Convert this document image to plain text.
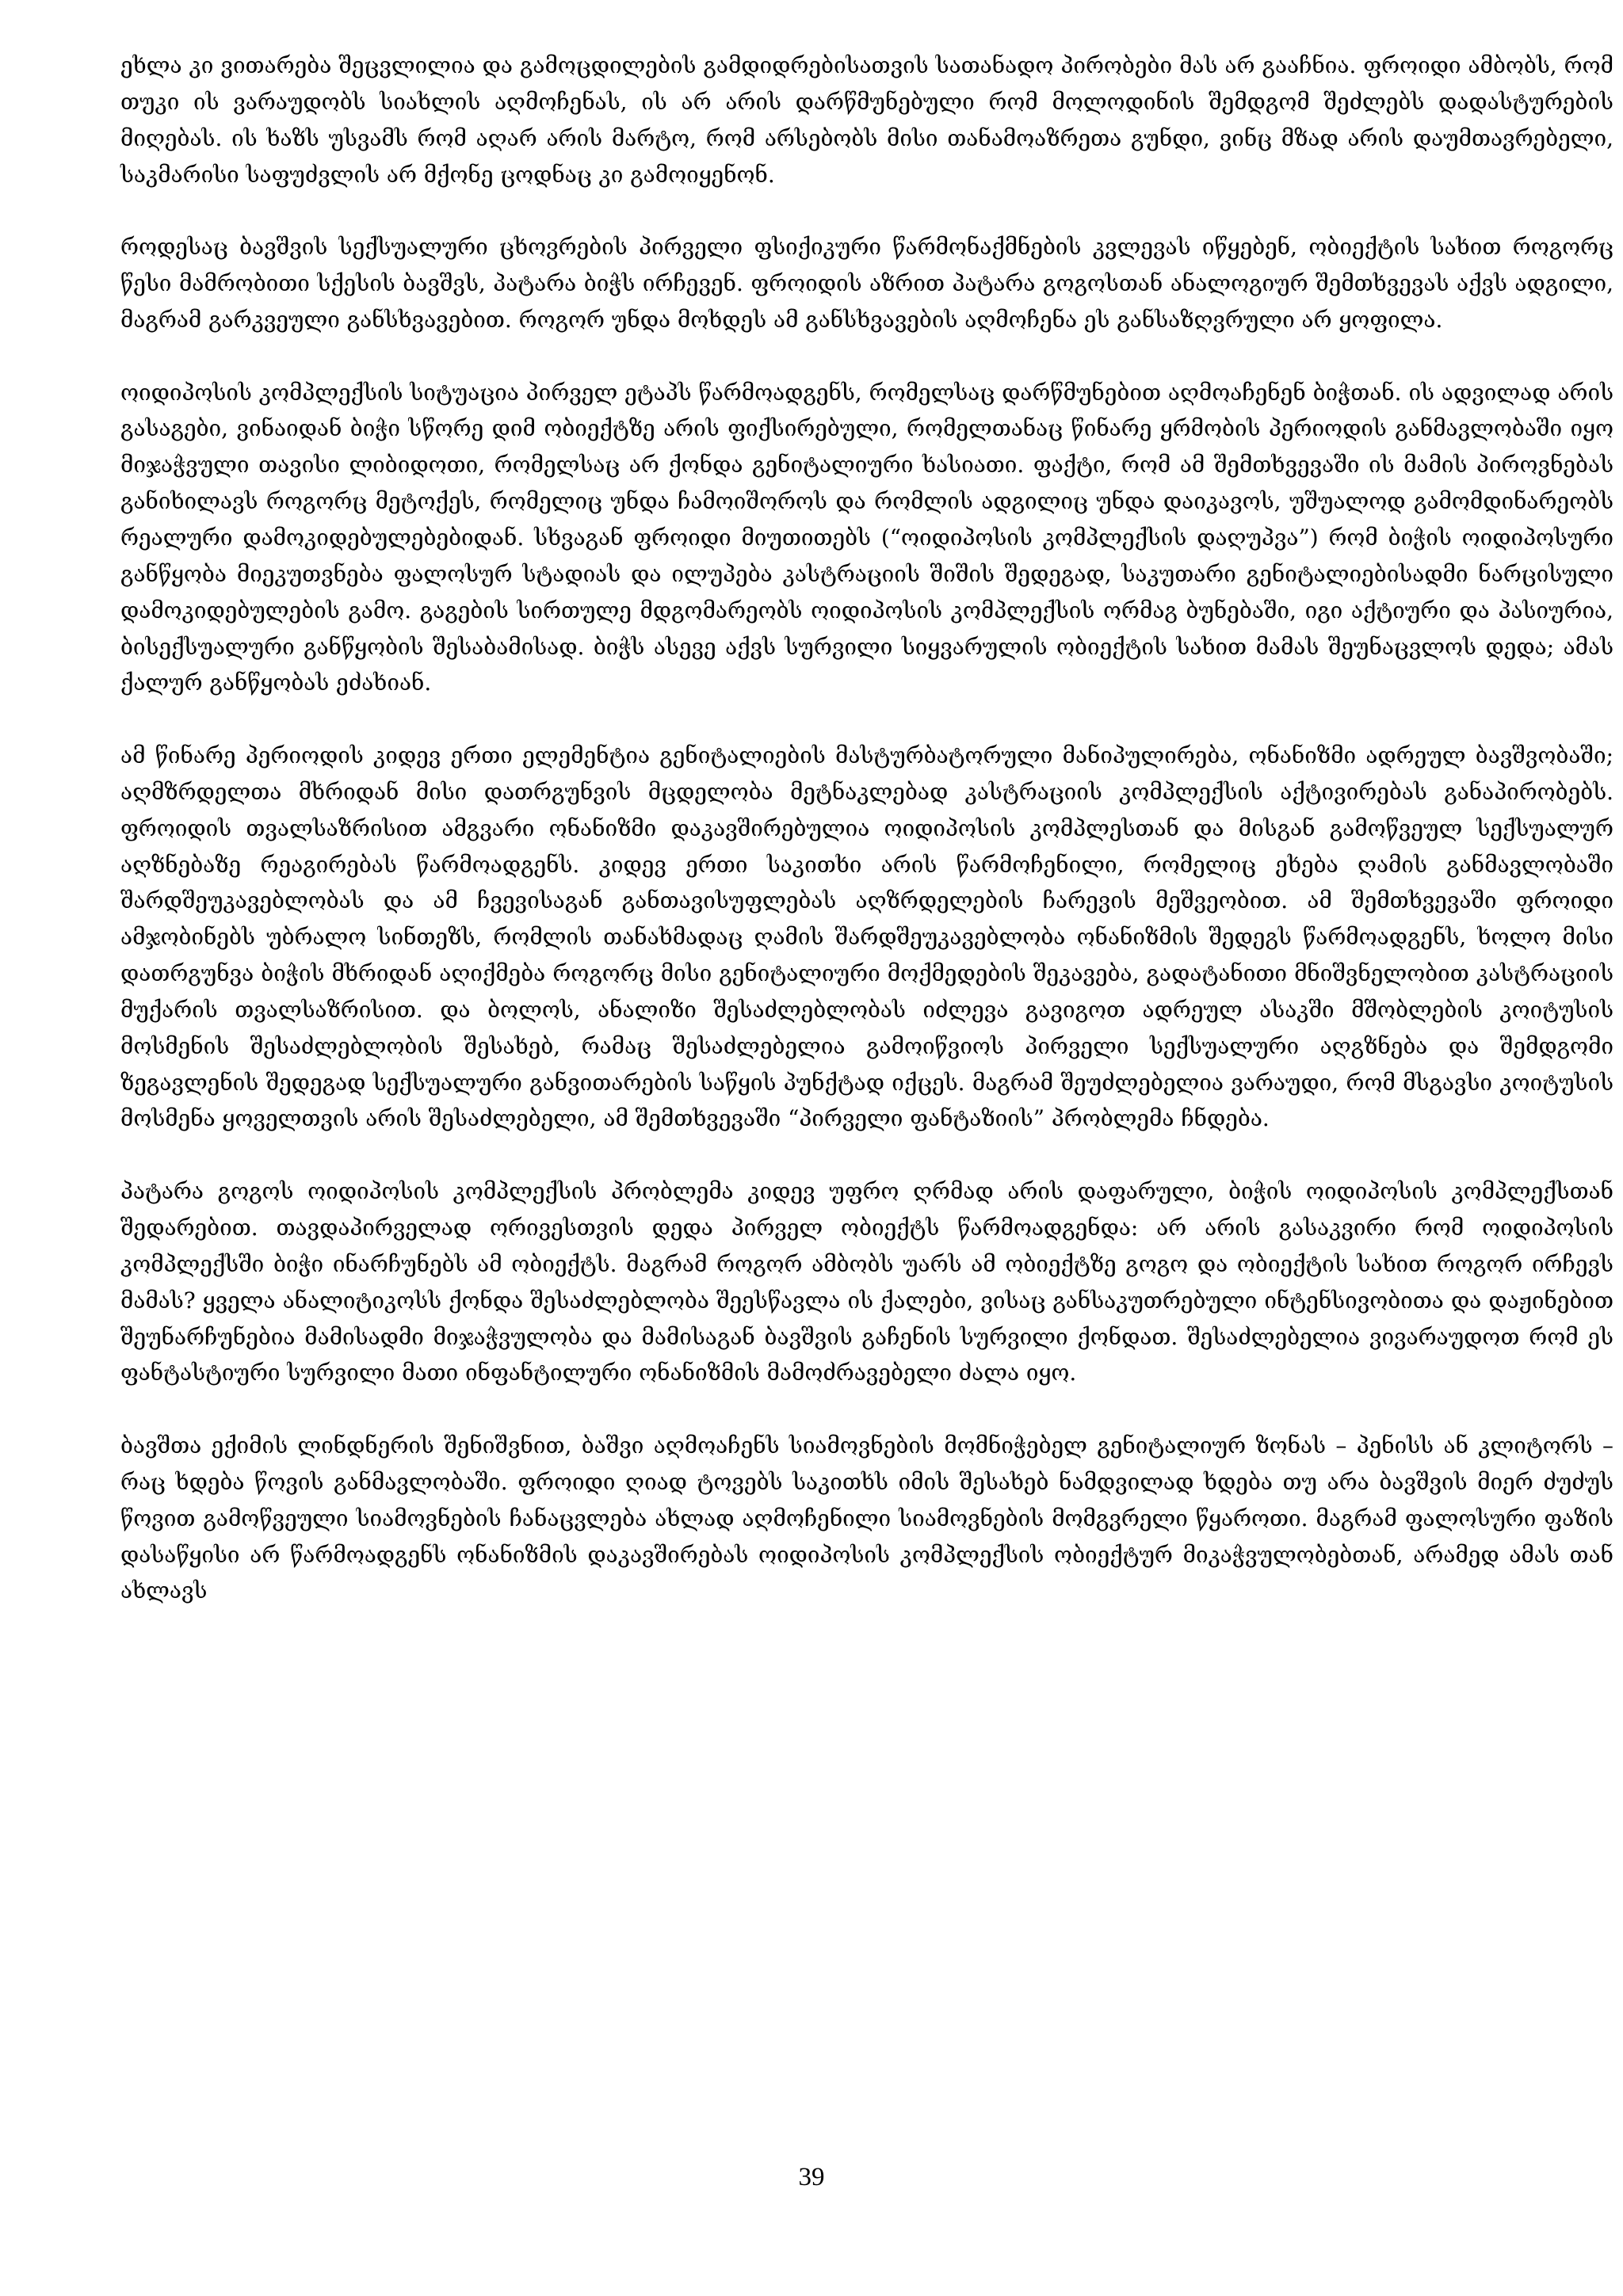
ეხლა კი ვითარება შეცვლილია და გამოცდილების გამდიდრებისათვის სათანადო პირობები მას არ გააჩნია. ფროიდი ამბობს, რომ თუკი ის ვარაუდობს სიახლის აღმოჩენას, ის არ არის დარწმუნებული რომ მოლოდინის შემდგომ შეძლებს დადასტურების მიღებას. ის ხაზს უსვამს რომ აღარ არის მარტო, რომ არსებობს მისი თანამოაზრეთა გუნდი, ვინც მზად არის დაუმთავრებელი, საკმარისი საფუძვლის არ მქონე ცოდნაც კი გამოიყენონ.

როდესაც ბავშვის სექსუალური ცხოვრების პირველი ფსიქიკური წარმონაქმნების კვლევას იწყებენ, ობიექტის სახით როგორც წესი მამრობითი სქესის ბავშვს, პატარა ბიჭს ირჩევენ. ფროიდის აზრით პატარა გოგოსთან ანალოგიურ შემთხვევას აქვს ადგილი, მაგრამ გარკვეული განსხვავებით. როგორ უნდა მოხდეს ამ განსხვავების აღმოჩენა ეს განსაზღვრული არ ყოფილა.

ოიდიპოსის კომპლექსის სიტუაცია პირველ ეტაპს წარმოადგენს, რომელსაც დარწმუნებით აღმოაჩენენ ბიჭთან. ის ადვილად არის გასაგები, ვინაიდან ბიჭი სწორე დიმ ობიექტზე არის ფიქსირებული, რომელთანაც წინარე ყრმობის პერიოდის განმავლობაში იყო მიჯაჭვული თავისი ლიბიდოთი, რომელსაც არ ქონდა გენიტალიური ხასიათი. ფაქტი, რომ ამ შემთხვევაში ის მამის პიროვნებას განიხილავს როგორც მეტოქეს, რომელიც უნდა ჩამოიშოროს და რომლის ადგილიც უნდა დაიკავოს, უშუალოდ გამომდინარეობს რეალური დამოკიდებულებებიდან. სხვაგან ფროიდი მიუთითებს (“ოიდიპოსის კომპლექსის დაღუპვა”) რომ ბიჭის ოიდიპოსური განწყობა მიეკუთვნება ფალოსურ სტადიას და ილუპება კასტრაციის შიშის შედეგად, საკუთარი გენიტალიებისადმი ნარცისული დამოკიდებულების გამო. გაგების სირთულე მდგომარეობს ოიდიპოსის კომპლექსის ორმაგ ბუნებაში, იგი აქტიური და პასიურია, ბისექსუალური განწყობის შესაბამისად. ბიჭს ასევე აქვს სურვილი სიყვარულის ობიექტის სახით მამას შეუნაცვლოს დედა; ამას ქალურ განწყობას ეძახიან.

ამ წინარე პერიოდის კიდევ ერთი ელემენტია გენიტალიების მასტურბატორული მანიპულირება, ონანიზმი ადრეულ ბავშვობაში; აღმზრდელთა მხრიდან მისი დათრგუნვის მცდელობა მეტნაკლებად კასტრაციის კომპლექსის აქტივირებას განაპირობებს. ფროიდის თვალსაზრისით ამგვარი ონანიზმი დაკავშირებულია ოიდიპოსის კომპლესთან და მისგან გამოწვეულ სექსუალურ აღზნებაზე რეაგირებას წარმოადგენს. კიდევ ერთი საკითხი არის წარმოჩენილი, რომელიც ეხება ღამის განმავლობაში შარდშეუკავებლობას და ამ ჩვევისაგან განთავისუფლებას აღზრდელების ჩარევის მეშვეობით. ამ შემთხვევაში ფროიდი ამჯობინებს უბრალო სინთეზს, რომლის თანახმადაც ღამის შარდშეუკავებლობა ონანიზმის შედეგს წარმოადგენს, ხოლო მისი დათრგუნვა ბიჭის მხრიდან აღიქმება როგორც მისი გენიტალიური მოქმედების შეკავება, გადატანითი მნიშვნელობით კასტრაციის მუქარის თვალსაზრისით. და ბოლოს, ანალიზი შესაძლებლობას იძლევა გავიგოთ ადრეულ ასაკში მშობლების კოიტუსის მოსმენის შესაძლებლობის შესახებ, რამაც შესაძლებელია გამოიწვიოს პირველი სექსუალური აღგზნება და შემდგომი ზეგავლენის შედეგად სექსუალური განვითარების საწყის პუნქტად იქცეს. მაგრამ შეუძლებელია ვარაუდი, რომ მსგავსი კოიტუსის მოსმენა ყოველთვის არის შესაძლებელი, ამ შემთხვევაში “პირველი ფანტაზიის” პრობლემა ჩნდება.

პატარა გოგოს ოიდიპოსის კომპლექსის პრობლემა კიდევ უფრო ღრმად არის დაფარული, ბიჭის ოიდიპოსის კომპლექსთან შედარებით. თავდაპირველად ორივესთვის დედა პირველ ობიექტს წარმოადგენდა: არ არის გასაკვირი რომ ოიდიპოსის კომპლექსში ბიჭი ინარჩუნებს ამ ობიექტს. მაგრამ როგორ ამბობს უარს ამ ობიექტზე გოგო და ობიექტის სახით როგორ ირჩევს მამას? ყველა ანალიტიკოსს ქონდა შესაძლებლობა შეესწავლა ის ქალები, ვისაც განსაკუთრებული ინტენსივობითა და დაჟინებით შეუნარჩუნებია მამისადმი მიჯაჭვულობა და მამისაგან ბავშვის გაჩენის სურვილი ქონდათ. შესაძლებელია ვივარაუდოთ რომ ეს ფანტასტიური სურვილი მათი ინფანტილური ონანიზმის მამოძრავებელი ძალა იყო.

ბავშთა ექიმის ლინდნერის შენიშვნით, ბაშვი აღმოაჩენს სიამოვნების მომნიჭებელ გენიტალიურ ზონას – პენისს ან კლიტორს – რაც ხდება წოვის განმავლობაში. ფროიდი ღიად ტოვებს საკითხს იმის შესახებ ნამდვილად ხდება თუ არა ბავშვის მიერ ძუძუს წოვით გამოწვეული სიამოვნების ჩანაცვლება ახლად აღმოჩენილი სიამოვნების მომგვრელი წყაროთი. მაგრამ ფალოსური ფაზის დასაწყისი არ წარმოადგენს ონანიზმის დაკავშირებას ოიდიპოსის კომპლექსის ობიექტურ მიკაჭვულობებთან, არამედ ამას თან ახლავს

39
